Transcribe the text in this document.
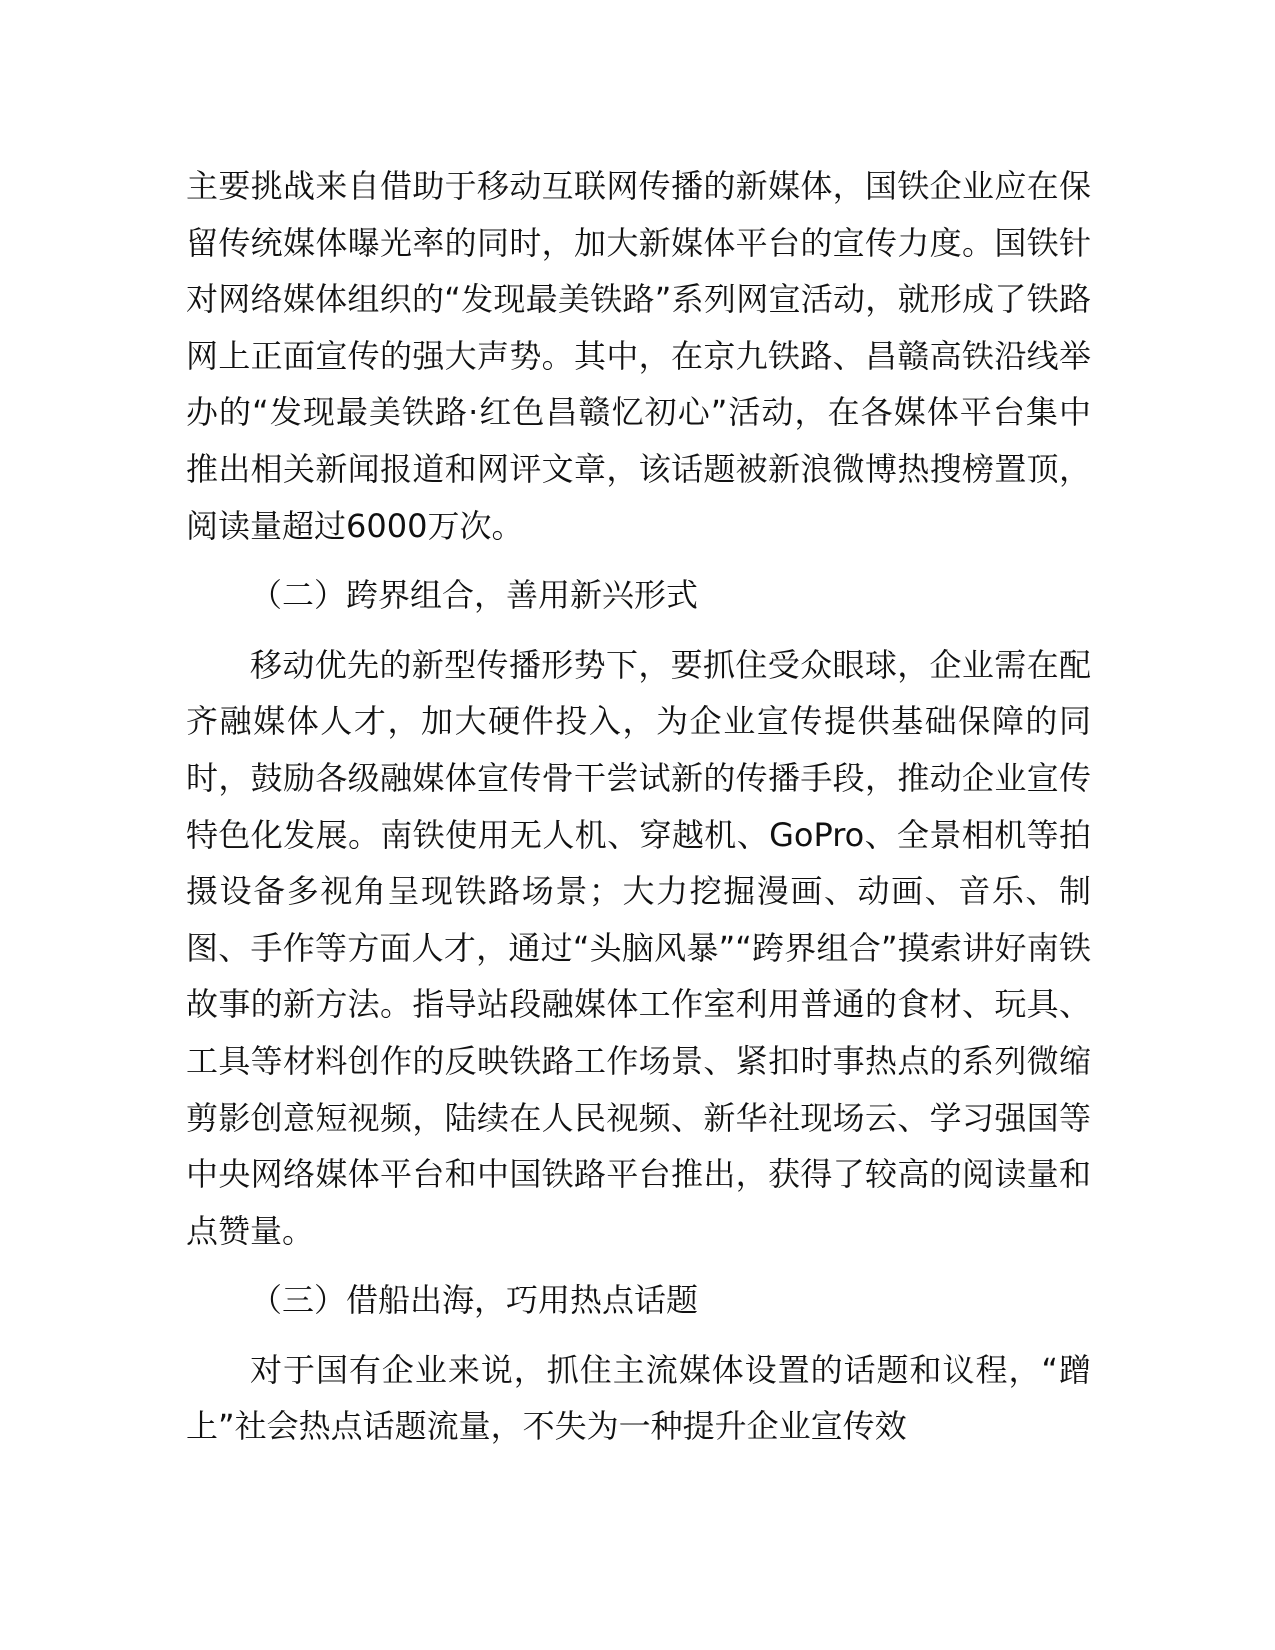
主要挑战来自借助于移动互联网传播的新媒体，国铁企业应在保留传统媒体曝光率的同时，加大新媒体平台的宣传力度。国铁针对网络媒体组织的“发现最美铁路”系列网宣活动，就形成了铁路网上正面宣传的强大声势。其中，在京九铁路、昌赣高铁沿线举办的“发现最美铁路·红色昌赣忆初心”活动，在各媒体平台集中推出相关新闻报道和网评文章，该话题被新浪微博热搜榜置顶，阅读量超过6000万次。

（二）跨界组合，善用新兴形式

移动优先的新型传播形势下，要抓住受众眼球，企业需在配齐融媒体人才，加大硬件投入，为企业宣传提供基础保障的同时，鼓励各级融媒体宣传骨干尝试新的传播手段，推动企业宣传特色化发展。南铁使用无人机、穿越机、GoPro、全景相机等拍摄设备多视角呈现铁路场景；大力挖掘漫画、动画、音乐、制图、手作等方面人才，通过“头脑风暴”“跨界组合”摸索讲好南铁故事的新方法。指导站段融媒体工作室利用普通的食材、玩具、工具等材料创作的反映铁路工作场景、紧扣时事热点的系列微缩剪影创意短视频，陆续在人民视频、新华社现场云、学习强国等中央网络媒体平台和中国铁路平台推出，获得了较高的阅读量和点赞量。

（三）借船出海，巧用热点话题

对于国有企业来说，抓住主流媒体设置的话题和议程，“蹭上”社会热点话题流量，不失为一种提升企业宣传效
